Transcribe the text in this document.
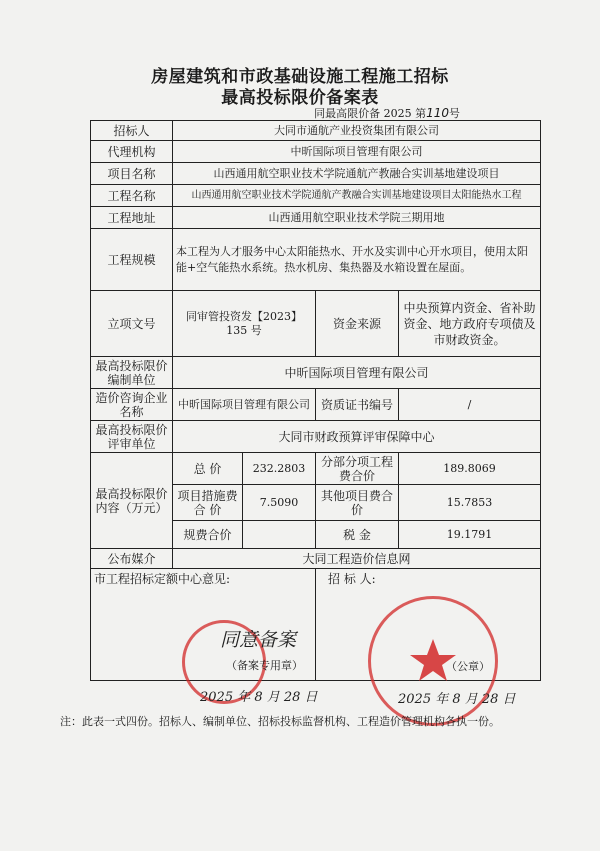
房屋建筑和市政基础设施工程施工招标
最高投标限价备案表
同最高限价备 2025 第110号
招标人	大同市通航产业投资集团有限公司			
代理机构	中昕国际项目管理有限公司			
项目名称	山西通用航空职业技术学院通航产教融合实训基地建设项目			
工程名称	山西通用航空职业技术学院通航产教融合实训基地建设项目太阳能热水工程			
工程地址	山西通用航空职业技术学院三期用地			
工程规模	本工程为人才服务中心太阳能热水、开水及实训中心开水项目，使用太阳能+空气能热水系统。热水机房、集热器及水箱设置在屋面。			
立项文号	同审管投资发【2023】135 号		资金来源	中央预算内资金、省补助资金、地方政府专项债及市财政资金。
最高投标限价编制单位	中昕国际项目管理有限公司			
造价咨询企业名称	中昕国际项目管理有限公司		资质证书编号	/
最高投标限价评审单位	大同市财政预算评审保障中心			
最高投标限价内容（万元）	总 价	232.2803	分部分项工程费合价	189.8069
	项目措施费合 价	7.5090	其他项目费合价	15.7853
	规费合价		税 金	19.1791
公布媒介	大同工程造价信息网			
市工程招标定额中心意见:			招 标 人:	
同意备案
（备案专用章）
2025 年 8 月 28 日
（公章）
2025 年 8 月 28 日
注：此表一式四份。招标人、编制单位、招标投标监督机构、工程造价管理机构各执一份。
